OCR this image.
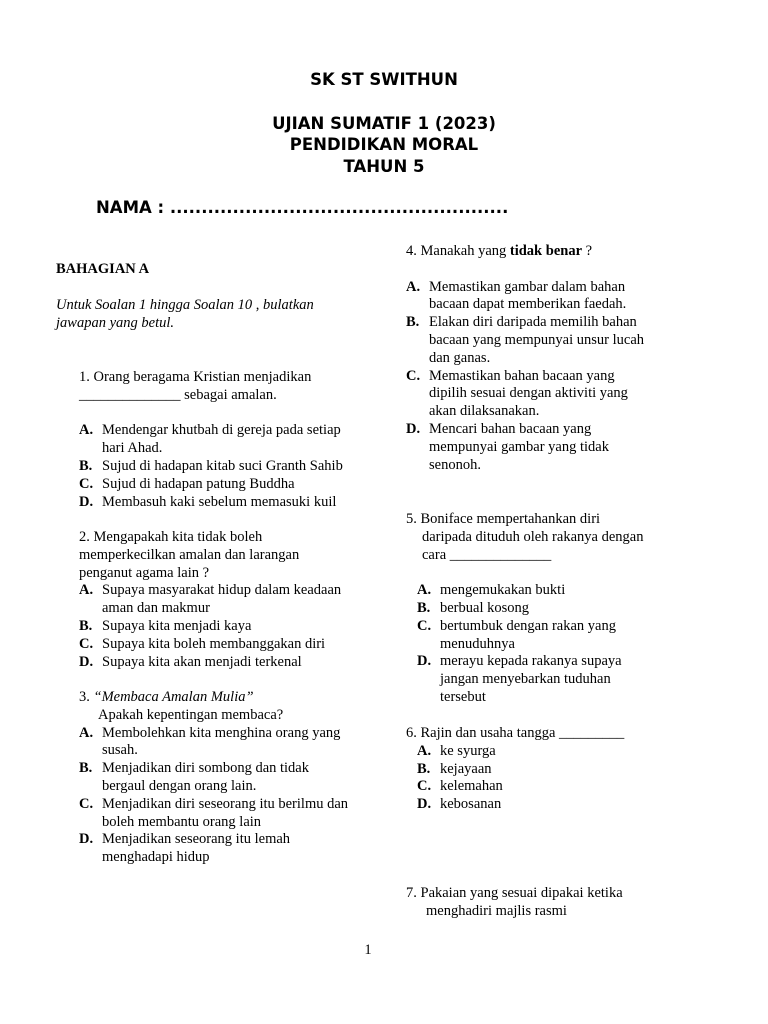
SK ST SWITHUN
UJIAN SUMATIF 1 (2023)
PENDIDIKAN MORAL
TAHUN 5
NAMA : ......................................................
BAHAGIAN A
Untuk Soalan 1 hingga Soalan 10 , bulatkan
jawapan yang betul.
1. Orang beragama Kristian menjadikan
______________ sebagai amalan.
A. Mendengar khutbah di gereja pada setiap
hari Ahad.
B. Sujud di hadapan kitab suci Granth Sahib
C. Sujud di hadapan patung Buddha
D. Membasuh kaki sebelum memasuki kuil
2. Mengapakah kita tidak boleh
memperkecilkan amalan dan larangan
penganut agama lain ?
A. Supaya masyarakat hidup dalam keadaan
aman dan makmur
B. Supaya kita menjadi kaya
C. Supaya kita boleh membanggakan diri
D. Supaya kita akan menjadi terkenal
3. “Membaca Amalan Mulia”
Apakah kepentingan membaca?
A. Membolehkan kita menghina orang yang
susah.
B. Menjadikan diri sombong dan tidak
bergaul dengan orang lain.
C. Menjadikan diri seseorang itu berilmu dan
boleh membantu orang lain
D. Menjadikan seseorang itu lemah
menghadapi hidup
4. Manakah yang tidak benar ?
A. Memastikan gambar dalam bahan
bacaan dapat memberikan faedah.
B. Elakan diri daripada memilih bahan
bacaan yang mempunyai unsur lucah
dan ganas.
C. Memastikan bahan bacaan yang
dipilih sesuai dengan aktiviti yang
akan dilaksanakan.
D. Mencari bahan bacaan yang
mempunyai gambar yang tidak
senonoh.
5. Boniface mempertahankan diri
daripada dituduh oleh rakanya dengan
cara ______________
A. mengemukakan bukti
B. berbual kosong
C. bertumbuk dengan rakan yang
menuduhnya
D. merayu kepada rakanya supaya
jangan menyebarkan tuduhan
tersebut
6. Rajin dan usaha tangga _________
A. ke syurga
B. kejayaan
C. kelemahan
D. kebosanan
7. Pakaian yang sesuai dipakai ketika
menghadiri majlis rasmi
1
